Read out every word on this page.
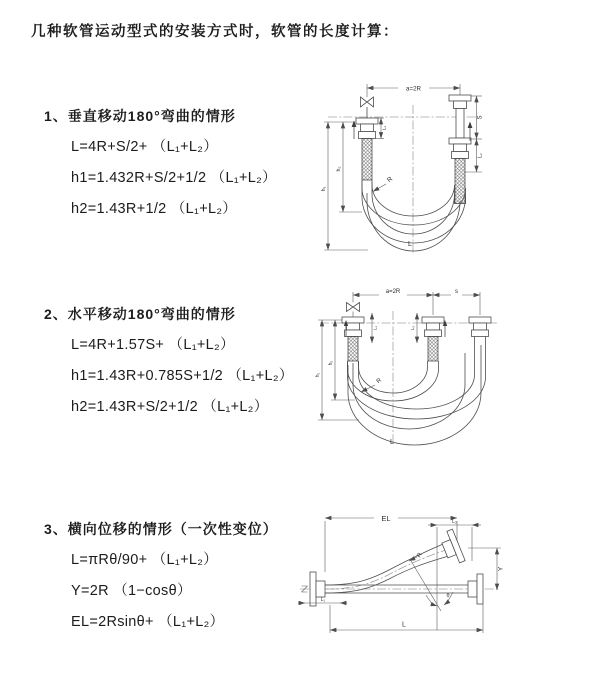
几种软管运动型式的安装方式时，软管的长度计算：

1、垂直移动180°弯曲的情形

L=4R+S/2+ （L₁+L₂）

h1=1.432R+S/2+1/2 （L₁+L₂）

h2=1.43R+1/2 （L₁+L₂）

2、水平移动180°弯曲的情形

L=4R+1.57S+ （L₁+L₂）

h1=1.43R+0.785S+1/2 （L₁+L₂）

h2=1.43R+S/2+1/2 （L₁+L₂）

3、横向位移的情形（一次性变位）

L=πRθ/90+ （L₁+L₂）

Y=2R （1−cosθ）

EL=2Rsinθ+ （L₁+L₂）

a=2R
S
L₂
L₁
h₁
h₂
R
L
a=2R	s
L₁	L₂
h₁
h₂
R
L
EL	L₂
Y
L
L₁
R
θ
